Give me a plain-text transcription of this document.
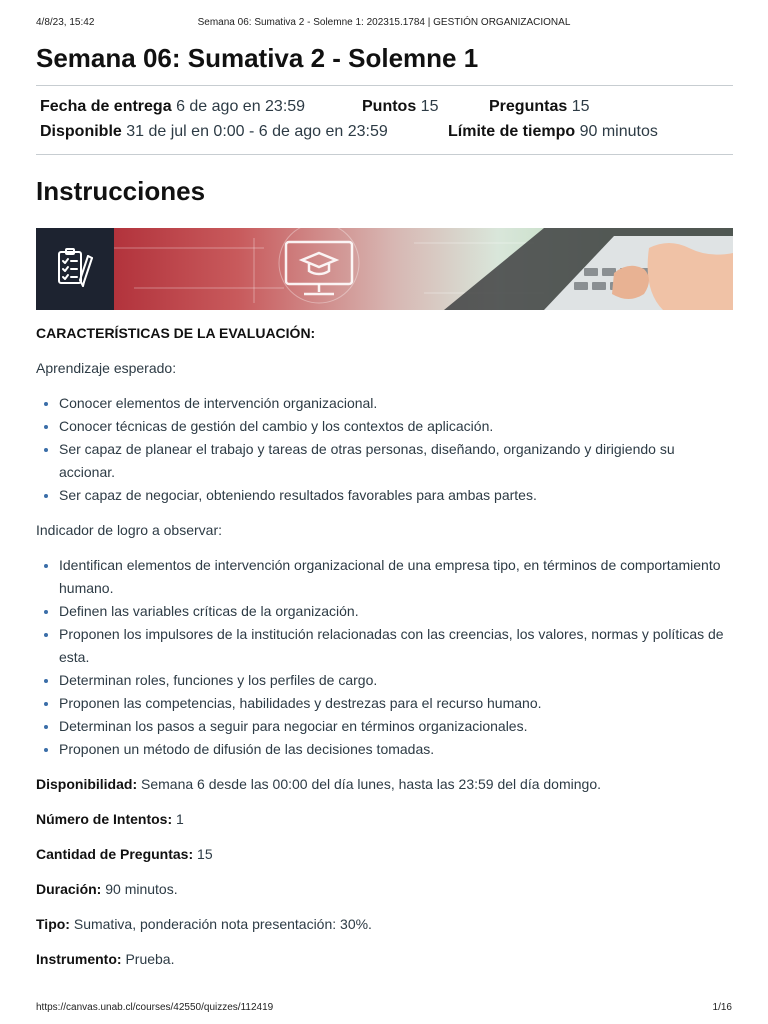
4/8/23, 15:42	Semana 06: Sumativa 2 - Solemne 1: 202315.1784 | GESTIÓN ORGANIZACIONAL
Semana 06: Sumativa 2 - Solemne 1
Fecha de entrega 6 de ago en 23:59	Puntos 15	Preguntas 15
Disponible 31 de jul en 0:00 - 6 de ago en 23:59	Límite de tiempo 90 minutos
Instrucciones

CARACTERÍSTICAS DE LA EVALUACIÓN:

Aprendizaje esperado:

• Conocer elementos de intervención organizacional.
• Conocer técnicas de gestión del cambio y los contextos de aplicación.
• Ser capaz de planear el trabajo y tareas de otras personas, diseñando, organizando y dirigiendo su accionar.
• Ser capaz de negociar, obteniendo resultados favorables para ambas partes.

Indicador de logro a observar:

• Identifican elementos de intervención organizacional de una empresa tipo, en términos de comportamiento humano.
• Definen las variables críticas de la organización.
• Proponen los impulsores de la institución relacionadas con las creencias, los valores, normas y políticas de esta.
• Determinan roles, funciones y los perfiles de cargo.
• Proponen las competencias, habilidades y destrezas para el recurso humano.
• Determinan los pasos a seguir para negociar en términos organizacionales.
• Proponen un método de difusión de las decisiones tomadas.

Disponibilidad: Semana 6 desde las 00:00 del día lunes, hasta las 23:59 del día domingo.

Número de Intentos: 1

Cantidad de Preguntas: 15

Duración: 90 minutos.

Tipo: Sumativa, ponderación nota presentación: 30%.

Instrumento: Prueba.

https://canvas.unab.cl/courses/42550/quizzes/112419	1/16
